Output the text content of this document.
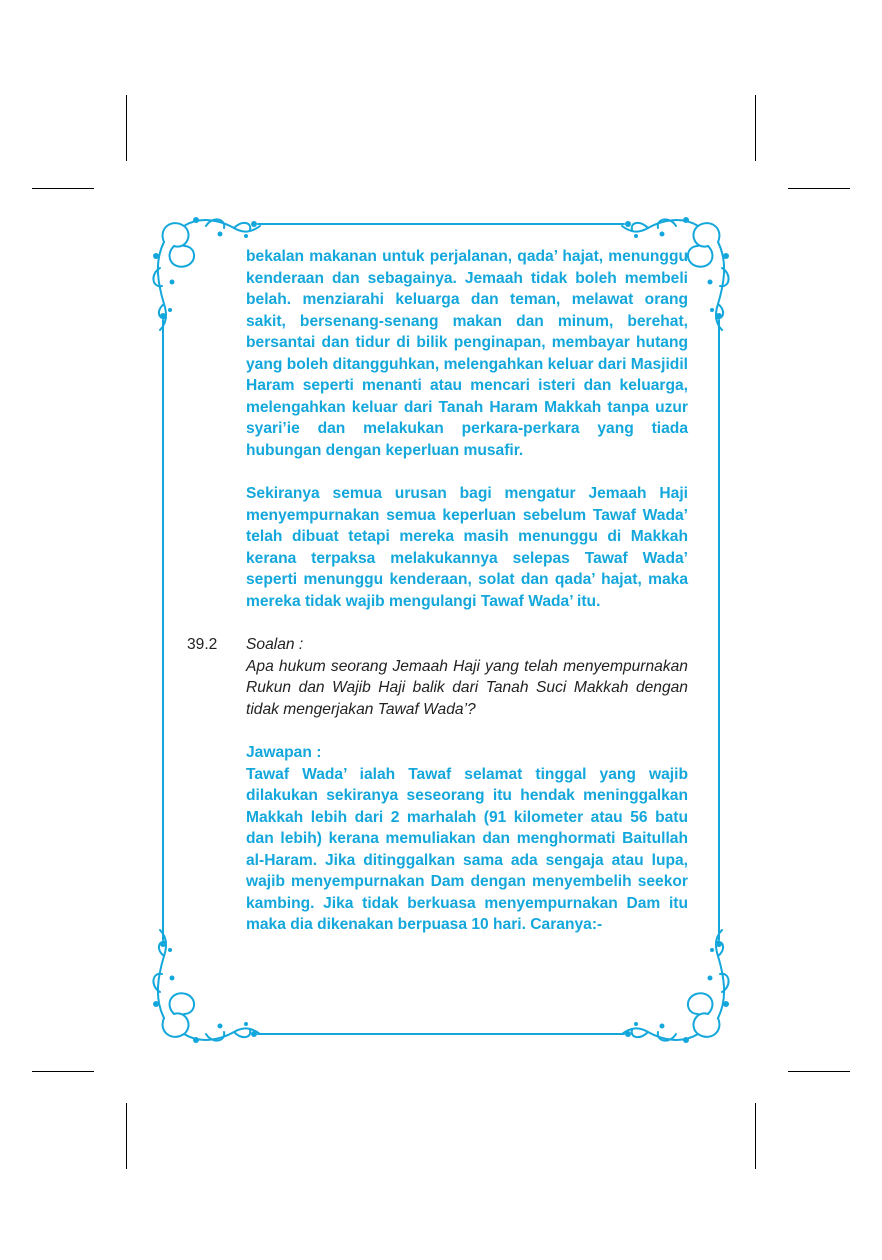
bekalan makanan untuk perjalanan, qada’ hajat, menunggu kenderaan dan sebagainya. Jemaah tidak boleh membeli belah. menziarahi keluarga dan teman, melawat orang sakit, bersenang-senang makan dan minum, berehat, bersantai dan tidur di bilik penginapan, membayar hutang yang boleh ditangguhkan, melengahkan keluar dari Masjidil Haram seperti menanti atau mencari isteri dan keluarga, melengahkan keluar dari Tanah Haram Makkah tanpa uzur syari’ie dan melakukan perkara-perkara yang tiada hubungan dengan keperluan musafir.

Sekiranya semua urusan bagi mengatur Jemaah Haji menyempurnakan semua keperluan sebelum Tawaf Wada’ telah dibuat tetapi mereka masih menunggu di Makkah kerana terpaksa melakukannya selepas Tawaf Wada’ seperti menunggu kenderaan, solat dan qada’ hajat, maka mereka tidak wajib mengulangi Tawaf Wada’ itu.

39.2 Soalan :

Apa hukum seorang Jemaah Haji yang telah menyempurnakan Rukun dan Wajib Haji balik dari Tanah Suci Makkah dengan tidak mengerjakan Tawaf Wada’?

Jawapan :

Tawaf Wada’ ialah Tawaf selamat tinggal yang wajib dilakukan sekiranya seseorang itu hendak meninggalkan Makkah lebih dari 2 marhalah (91 kilometer atau 56 batu dan lebih) kerana memuliakan dan menghormati Baitullah al-Haram. Jika ditinggalkan sama ada sengaja atau lupa, wajib menyempurnakan Dam dengan menyembelih seekor kambing. Jika tidak berkuasa menyempurnakan Dam itu maka dia dikenakan berpuasa 10 hari. Caranya:-
